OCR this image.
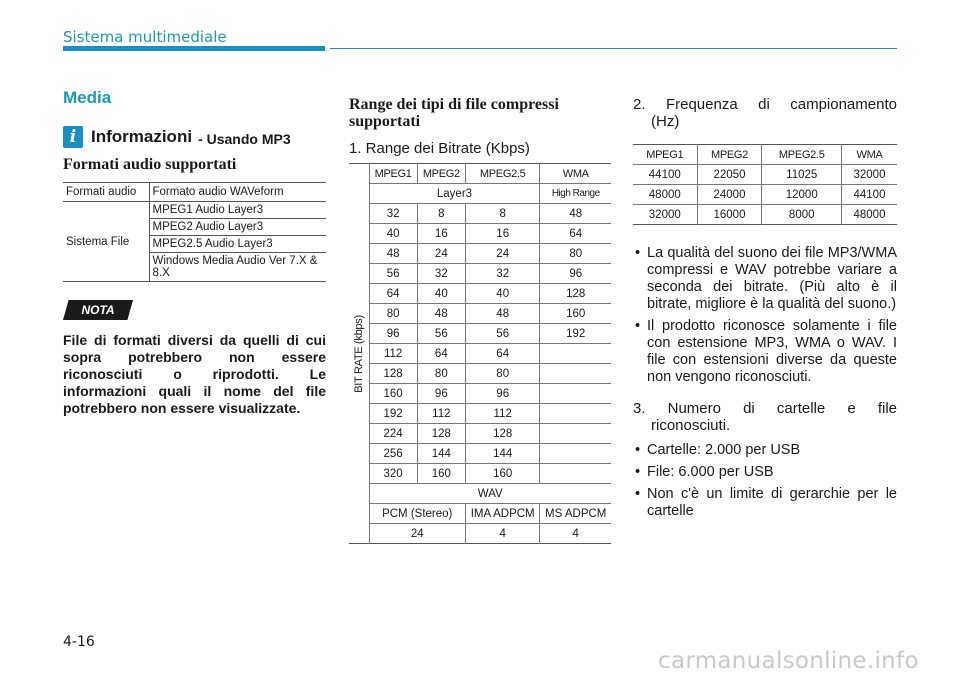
Sistema multimediale
Media
i Informazioni - Usando MP3
Formati audio supportati
Formati audio	Formato audio WAVeform
Sistema File	MPEG1 Audio Layer3
	MPEG2 Audio Layer3
	MPEG2.5 Audio Layer3
	Windows Media Audio Ver 7.X & 8.X
NOTA
File di formati diversi da quelli di cui sopra potrebbero non essere riconosciuti o riprodotti. Le informazioni quali il nome del file potrebbero non essere visualizzate.
Range dei tipi di file compressi supportati
1. Range dei Bitrate (Kbps)
BIT RATE (kbps)	MPEG1	MPEG2	MPEG2.5	WMA
	Layer3			High Range
	32	8	8	48
	40	16	16	64
	48	24	24	80
	56	32	32	96
	64	40	40	128
	80	48	48	160
	96	56	56	192
	112	64	64	
	128	80	80	
	160	96	96	
	192	112	112	
	224	128	128	
	256	144	144	
	320	160	160	
	WAV			
	PCM (Stereo)		IMA ADPCM	MS ADPCM
	24		4	4
2. Frequenza di campionamento
(Hz)
MPEG1	MPEG2	MPEG2.5	WMA
44100	22050	11025	32000
48000	24000	12000	44100
32000	16000	8000	48000
• La qualità del suono dei file MP3/WMA compressi e WAV potrebbe variare a seconda dei bitrate. (Più alto è il bitrate, migliore è la qualità del suono.)
• Il prodotto riconosce solamente i file con estensione MP3, WMA o WAV. I file con estensioni diverse da queste non vengono riconosciuti.
3. Numero di cartelle e file
riconosciuti.
• Cartelle: 2.000 per USB
• File: 6.000 per USB
• Non c'è un limite di gerarchie per le cartelle
4-16
carmanualsonline.info
